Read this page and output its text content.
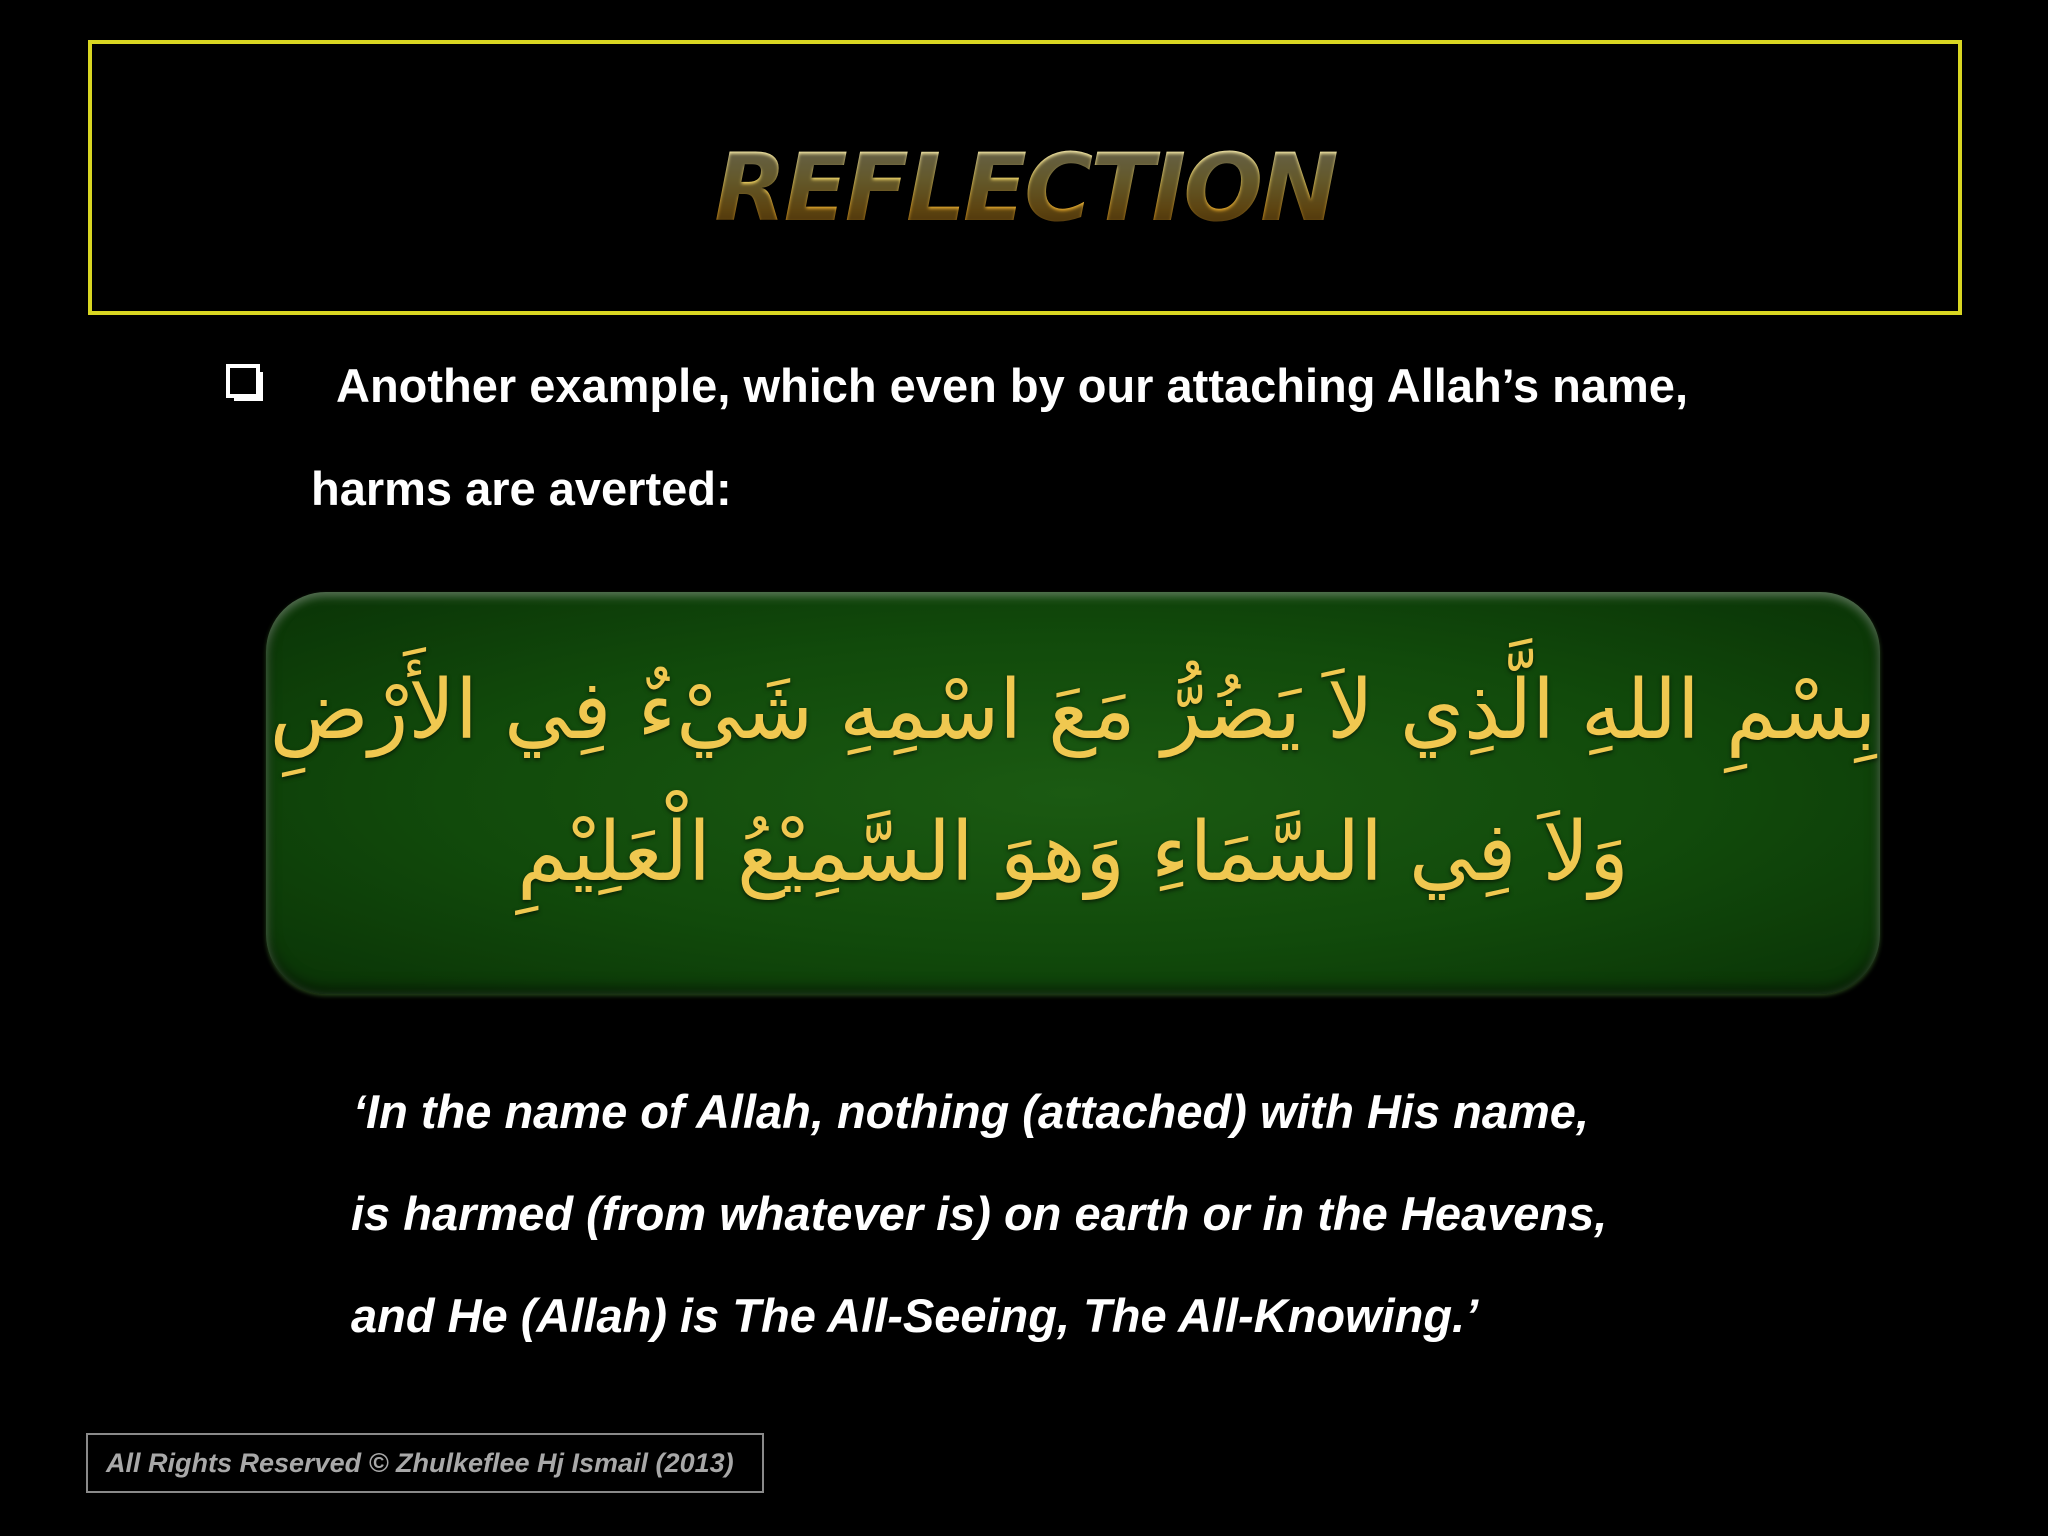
REFLECTION
Another example, which even by our attaching Allah’s name,
harms are averted:
بِسْمِ اللهِ الَّذِي لاَ يَضُرُّ مَعَ اسْمِهِ شَيْءٌ فِي الأَرْضِ
وَلاَ فِي السَّمَاءِ وَهوَ السَّمِيْعُ الْعَلِيْمِ
‘In the name of Allah, nothing (attached) with His name,
is harmed (from whatever is) on earth or in the Heavens,
and He (Allah) is The All-Seeing, The All-Knowing.’
All Rights Reserved © Zhulkeflee Hj Ismail (2013)
